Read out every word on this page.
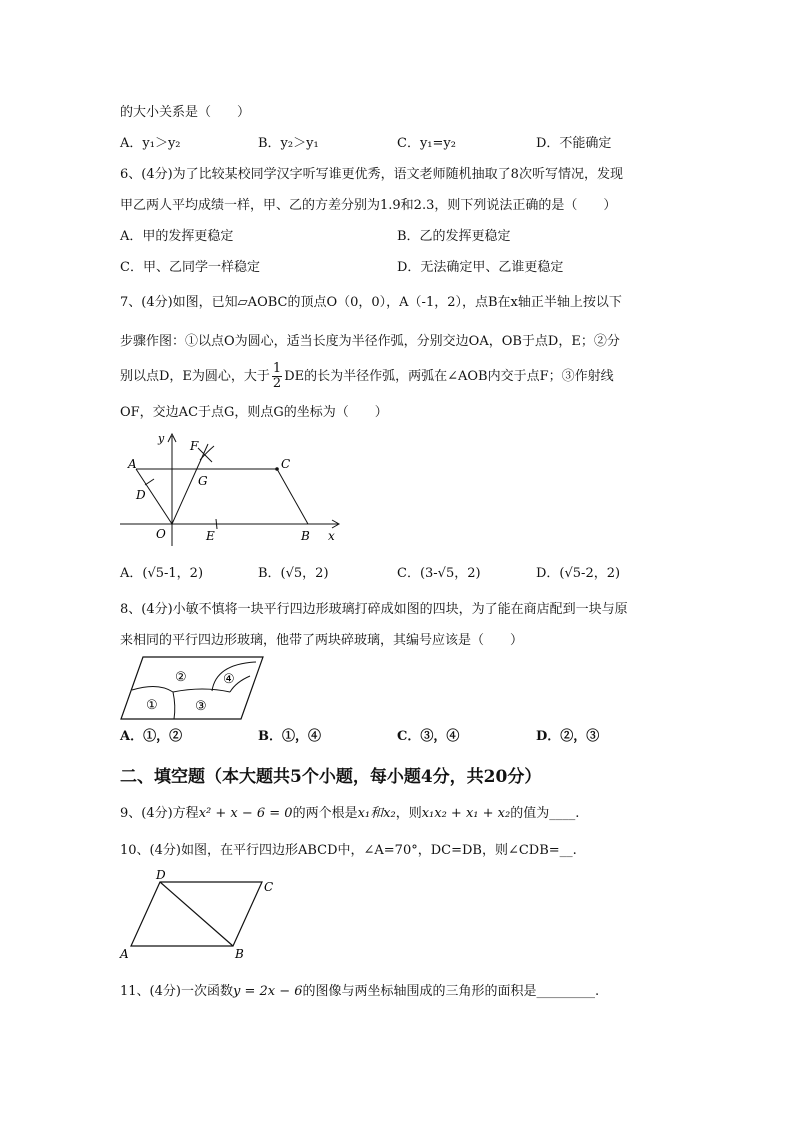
的大小关系是（　　）
A．y₁＞y₂	B．y₂＞y₁	C．y₁=y₂	D．不能确定
6、(4分)为了比较某校同学汉字听写谁更优秀，语文老师随机抽取了8次听写情况，发现
甲乙两人平均成绩一样，甲、乙的方差分别为1.9和2.3，则下列说法正确的是（　　）
A．甲的发挥更稳定	B．乙的发挥更稳定
C．甲、乙同学一样稳定	D．无法确定甲、乙谁更稳定
7、(4分)如图，已知▱AOBC的顶点O（0，0），A（-1，2），点B在x轴正半轴上按以下
步骤作图：①以点O为圆心，适当长度为半径作弧，分别交边OA，OB于点D，E；②分
别以点D，E为圆心，大于 $\frac{1}{2}$ DE的长为半径作弧，两弧在∠AOB内交于点F；③作射线
OF，交边AC于点G，则点G的坐标为（　　）
y
x
A	C
F
G
D
O	E	B
A．(√5-1，2)	B．(√5，2)	C．(3-√5，2)	D．(√5-2，2)
8、(4分)小敏不慎将一块平行四边形玻璃打碎成如图的四块，为了能在商店配到一块与原
来相同的平行四边形玻璃，他带了两块碎玻璃，其编号应该是（　　）
②	④
①	③
A．①，②	B．①，④	C．③，④	D．②，③
二、填空题（本大题共5个小题，每小题4分，共20分）
9、(4分)方程x² + x − 6 = 0的两个根是x₁和x₂，则x₁x₂ + x₁ + x₂的值为____.
10、(4分)如图，在平行四边形ABCD中，∠A=70°，DC=DB，则∠CDB=__.
D
C
A	B
11、(4分)一次函数y = 2x − 6的图像与两坐标轴围成的三角形的面积是_________.
